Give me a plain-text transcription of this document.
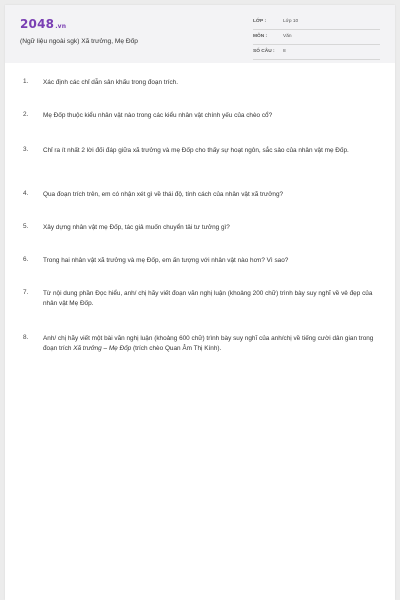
2048.vn
(Ngữ liệu ngoài sgk) Xã trưởng, Mẹ Đốp
LỚP :	Lớp 10
MÔN :	Văn
SỐ CÂU : 8
1. Xác định các chỉ dẫn sân khấu trong đoạn trích.
2. Mẹ Đốp thuộc kiểu nhân vật nào trong các kiểu nhân vật chính yếu của chèo cổ?
3. Chỉ ra ít nhất 2 lời đối đáp giữa xã trưởng và mẹ Đốp cho thấy sự hoạt ngôn, sắc sảo của nhân vật mẹ Đốp.
4. Qua đoạn trích trên, em có nhận xét gì về thái độ, tính cách của nhân vật xã trưởng?
5. Xây dựng nhân vật mẹ Đốp, tác giả muốn chuyển tải tư tưởng gì?
6. Trong hai nhân vật xã trưởng và mẹ Đốp, em ấn tượng với nhân vật nào hơn? Vì sao?
7. Từ nội dung phần Đọc hiểu, anh/ chị hãy viết đoạn văn nghị luận (khoảng 200 chữ) trình bày suy nghĩ về vẻ đẹp của nhân vật Mẹ Đốp.
8. Anh/ chị hãy viết một bài văn nghị luận (khoảng 600 chữ) trình bày suy nghĩ của anh/chị về tiếng cười dân gian trong đoạn trích Xã trưởng – Mẹ Đốp (trích chèo Quan Âm Thị Kính).
